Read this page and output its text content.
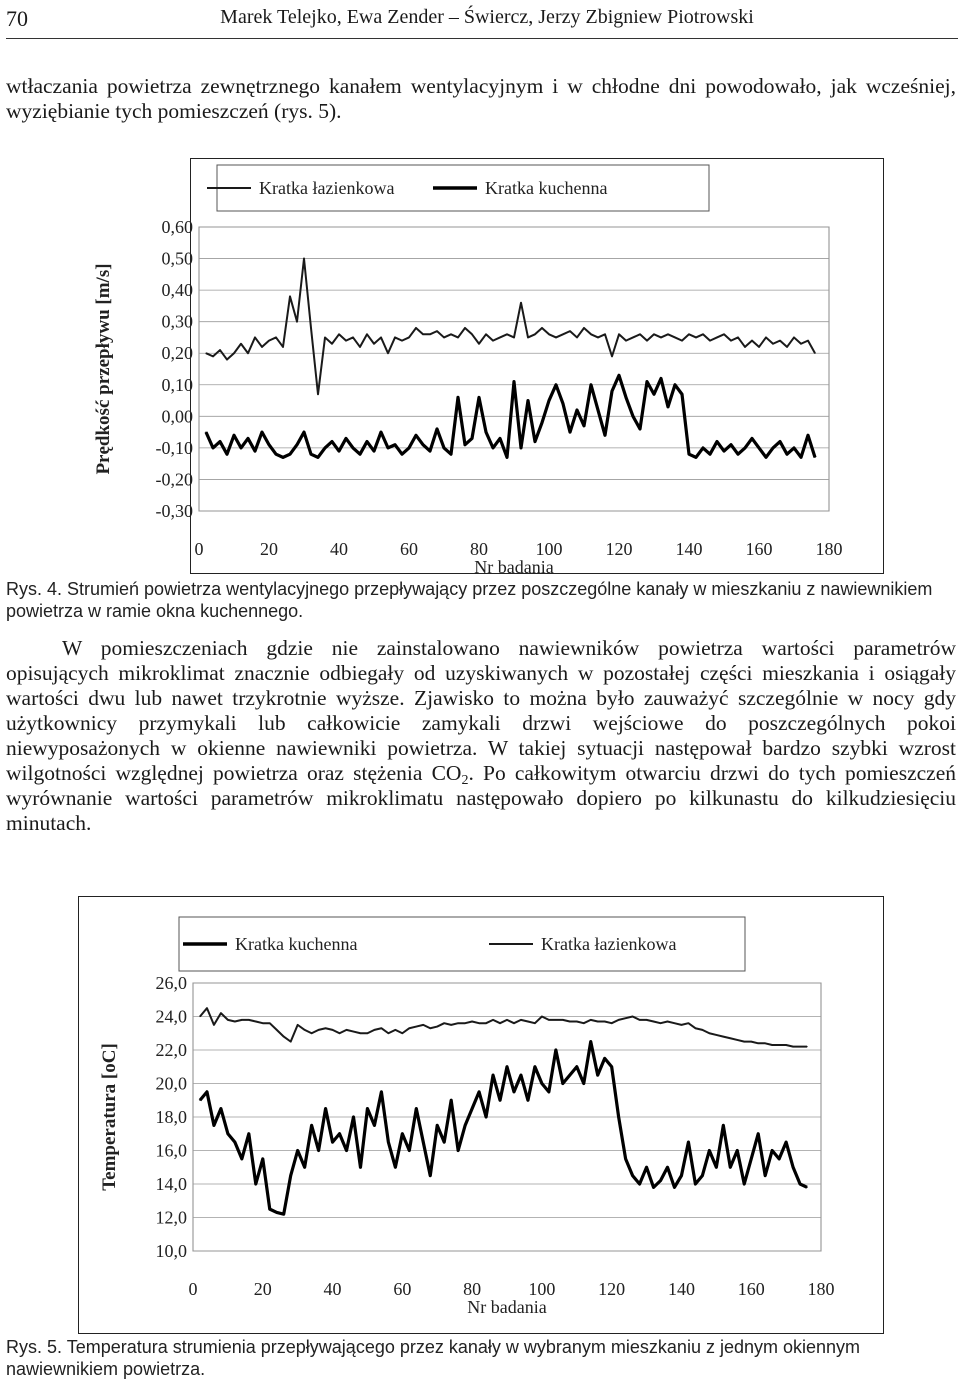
70	Marek Telejko, Ewa Zender – Świercz, Jerzy Zbigniew Piotrowski

wtłaczania powietrza zewnętrznego kanałem wentylacyjnym i w chłodne dni powodowało, jak wcześniej, wyziębianie tych pomieszczeń (rys. 5).

0,60
0,50
0,40
0,30
0,20
0,10
0,00
-0,10
-0,20
-0,30
0	20	40	60	80	100 120 140 160 180
Nr badania
Prędkość przepływu [m/s]
Kratka łazienkowa	Kratka kuchenna

Rys. 4. Strumień powietrza wentylacyjnego przepływający przez poszczególne kanały w mieszkaniu z nawiewnikiem powietrza w ramie okna kuchennego.

W pomieszczeniach gdzie nie zainstalowano nawiewników powietrza wartości parametrów opisujących mikroklimat znacznie odbiegały od uzyskiwanych w pozostałej części mieszkania i osiągały wartości dwu lub nawet trzykrotnie wyższe. Zjawisko to można było zauważyć szczególnie w nocy gdy użytkownicy przymykali lub całkowicie zamykali drzwi wejściowe do poszczególnych pokoi niewyposażonych w okienne nawiewniki powietrza. W takiej sytuacji następował bardzo szybki wzrost wilgotności względnej powietrza oraz stężenia $CO_2$. Po całkowitym otwarciu drzwi do tych pomieszczeń wyrównanie wartości parametrów mikroklimatu następowało dopiero po kilkunastu do kilkudziesięciu minutach.

26,0
24,0
22,0
20,0
18,0
16,0
14,0
12,0
10,0
0	20	40	60	80	100 120 140 160 180
Nr badania
Temperatura [oC]
Kratka kuchenna	Kratka łazienkowa

Rys. 5. Temperatura strumienia przepływającego przez kanały w wybranym mieszkaniu z jednym okiennym nawiewnikiem powietrza.
